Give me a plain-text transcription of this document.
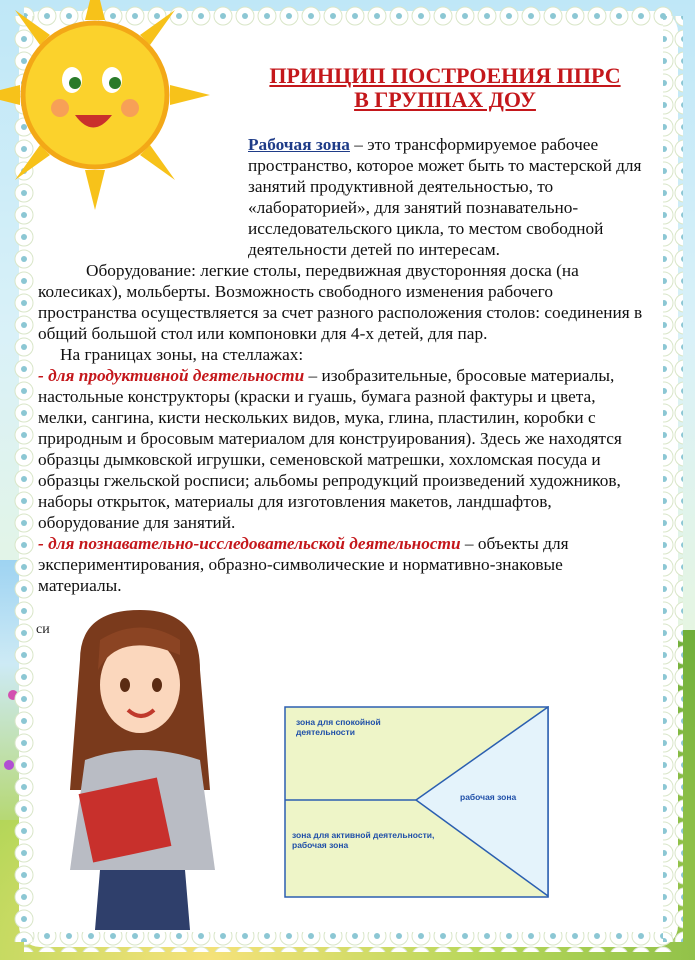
ПРИНЦИП ПОСТРОЕНИЯ ППРС
В ГРУППАХ ДОУ

Рабочая зона – это трансформируемое рабочее пространство, которое может быть то мастерской для занятий продуктивной деятельностью, то «лабораторией», для занятий познавательно-исследовательского цикла, то местом свободной деятельности детей по интересам.

Оборудование: легкие столы, передвижная двусторонняя доска (на колесиках), мольберты. Возможность свободного изменения рабочего пространства осуществляется за счет разного расположения столов: соединения в общий большой стол или компоновки для 4-х детей, для пар.

На границах зоны, на стеллажах:

- для продуктивной деятельности – изобразительные, бросовые материалы, настольные конструкторы (краски и гуашь, бумага разной фактуры и цвета, мелки, сангина, кисти нескольких видов, мука, глина, пластилин, коробки с природным и бросовым материалом для конструирования). Здесь же находятся образцы дымковской игрушки, семеновской матрешки, хохломская посуда и образцы гжельской росписи; альбомы репродукций произведений художников, наборы открыток, материалы для изготовления макетов, ландшафтов, оборудование для занятий.

- для познавательно-исследовательской деятельности – объекты для экспериментирования, образно-символические и нормативно-знаковые материалы.

си
зона для спокойной деятельности
зона для активной деятельности, рабочая зона
рабочая зона
